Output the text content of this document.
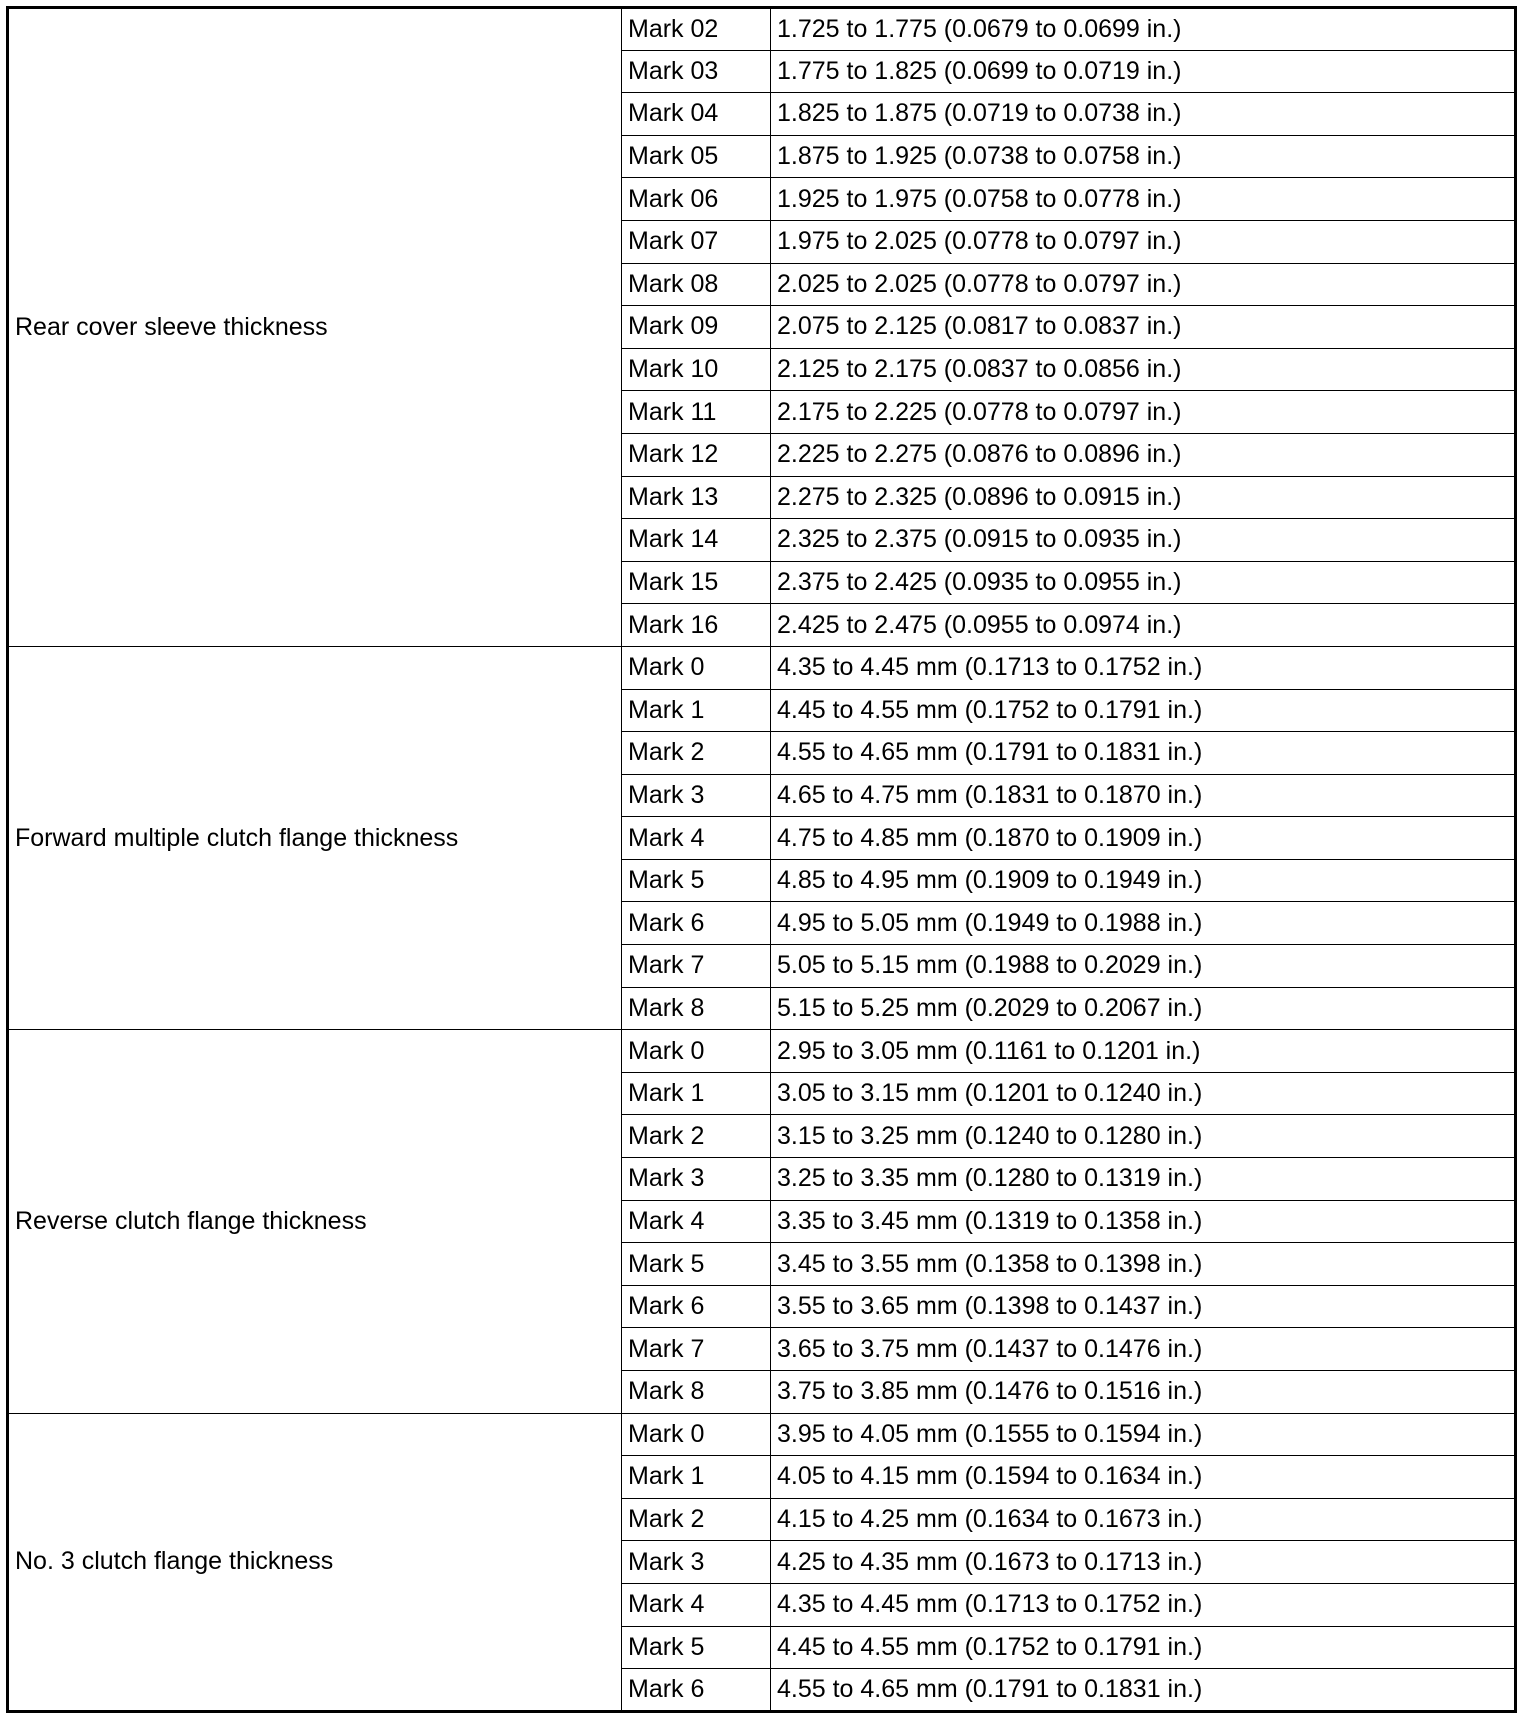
Rear cover sleeve thickness	Mark 02	1.725 to 1.775 (0.0679 to 0.0699 in.)
	Mark 03	1.775 to 1.825 (0.0699 to 0.0719 in.)
	Mark 04	1.825 to 1.875 (0.0719 to 0.0738 in.)
	Mark 05	1.875 to 1.925 (0.0738 to 0.0758 in.)
	Mark 06	1.925 to 1.975 (0.0758 to 0.0778 in.)
	Mark 07	1.975 to 2.025 (0.0778 to 0.0797 in.)
	Mark 08	2.025 to 2.025 (0.0778 to 0.0797 in.)
	Mark 09	2.075 to 2.125 (0.0817 to 0.0837 in.)
	Mark 10	2.125 to 2.175 (0.0837 to 0.0856 in.)
	Mark 11	2.175 to 2.225 (0.0778 to 0.0797 in.)
	Mark 12	2.225 to 2.275 (0.0876 to 0.0896 in.)
	Mark 13	2.275 to 2.325 (0.0896 to 0.0915 in.)
	Mark 14	2.325 to 2.375 (0.0915 to 0.0935 in.)
	Mark 15	2.375 to 2.425 (0.0935 to 0.0955 in.)
	Mark 16	2.425 to 2.475 (0.0955 to 0.0974 in.)
Forward multiple clutch flange thickness	Mark 0	4.35 to 4.45 mm (0.1713 to 0.1752 in.)
	Mark 1	4.45 to 4.55 mm (0.1752 to 0.1791 in.)
	Mark 2	4.55 to 4.65 mm (0.1791 to 0.1831 in.)
	Mark 3	4.65 to 4.75 mm (0.1831 to 0.1870 in.)
	Mark 4	4.75 to 4.85 mm (0.1870 to 0.1909 in.)
	Mark 5	4.85 to 4.95 mm (0.1909 to 0.1949 in.)
	Mark 6	4.95 to 5.05 mm (0.1949 to 0.1988 in.)
	Mark 7	5.05 to 5.15 mm (0.1988 to 0.2029 in.)
	Mark 8	5.15 to 5.25 mm (0.2029 to 0.2067 in.)
Reverse clutch flange thickness	Mark 0	2.95 to 3.05 mm (0.1161 to 0.1201 in.)
	Mark 1	3.05 to 3.15 mm (0.1201 to 0.1240 in.)
	Mark 2	3.15 to 3.25 mm (0.1240 to 0.1280 in.)
	Mark 3	3.25 to 3.35 mm (0.1280 to 0.1319 in.)
	Mark 4	3.35 to 3.45 mm (0.1319 to 0.1358 in.)
	Mark 5	3.45 to 3.55 mm (0.1358 to 0.1398 in.)
	Mark 6	3.55 to 3.65 mm (0.1398 to 0.1437 in.)
	Mark 7	3.65 to 3.75 mm (0.1437 to 0.1476 in.)
	Mark 8	3.75 to 3.85 mm (0.1476 to 0.1516 in.)
No. 3 clutch flange thickness	Mark 0	3.95 to 4.05 mm (0.1555 to 0.1594 in.)
	Mark 1	4.05 to 4.15 mm (0.1594 to 0.1634 in.)
	Mark 2	4.15 to 4.25 mm (0.1634 to 0.1673 in.)
	Mark 3	4.25 to 4.35 mm (0.1673 to 0.1713 in.)
	Mark 4	4.35 to 4.45 mm (0.1713 to 0.1752 in.)
	Mark 5	4.45 to 4.55 mm (0.1752 to 0.1791 in.)
	Mark 6	4.55 to 4.65 mm (0.1791 to 0.1831 in.)
